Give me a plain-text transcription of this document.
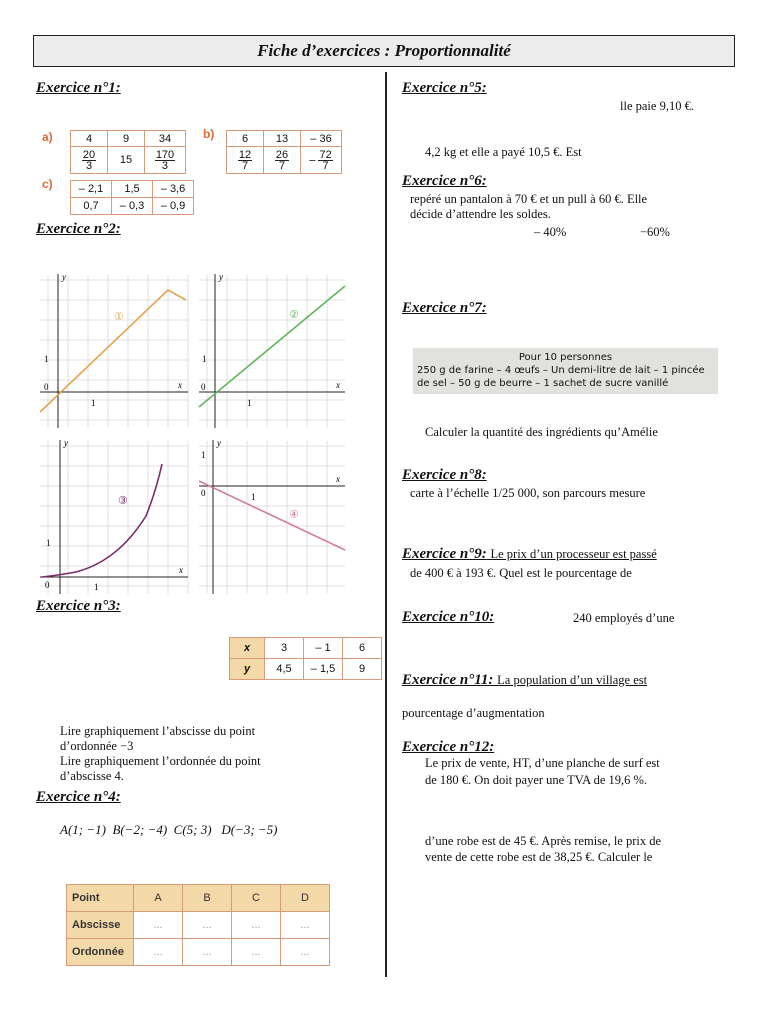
Fiche d’exercices : Proportionnalité
Exercice n°1:
a)	4	9	34

$\frac{20}{3}$	15	$\frac{170}{3}$
b)	6	13	– 36

$\frac{12}{7}$	$\frac{26}{7}$	– $\frac{72}{7}$
c) – 2,1	1,5	– 3,6
0,7	– 0,3	– 0,9
Exercice n°2:
y
x
0
1
1
①
y
x
0
1
1
②
y
x
0
1
1
③
y
x
0
1
1
④
Exercice n°3:
x	3	– 1	6
y	4,5	– 1,5	9
Lire graphiquement l’abscisse du point
d’ordonnée −3
Lire graphiquement l’ordonnée du point
d’abscisse 4.
Exercice n°4:
A(1; −1)  B(−2; −4)  C(5; 3)   D(−3; −5)
Point	A	B	C	D
Abscisse	...	...	...	...
Ordonnée	...	...	...	...
Exercice n°5:
lle paie 9,10 €.
4,2 kg et elle a payé 10,5 €. Est
Exercice n°6:
repéré un pantalon à 70 € et un pull à 60 €. Elle
décide d’attendre les soldes.
– 40%	−60%
Exercice n°7:
Pour 10 personnes
250 g de farine – 4 œufs – Un demi-litre de lait – 1 pincée
de sel – 50 g de beurre – 1 sachet de sucre vanillé
Calculer la quantité des ingrédients qu’Amélie
Exercice n°8:
carte à l’échelle 1/25 000, son parcours mesure
Exercice n°9: Le prix d’un processeur est passé
de 400 € à 193 €. Quel est le pourcentage de
Exercice n°10:	240 employés d’une
Exercice n°11: La population d’un village est
pourcentage d’augmentation
Exercice n°12:
Le prix de vente, HT, d’une planche de surf est
de 180 €. On doit payer une TVA de 19,6 %.
d’une robe est de 45 €. Après remise, le prix de
vente de cette robe est de 38,25 €. Calculer le
